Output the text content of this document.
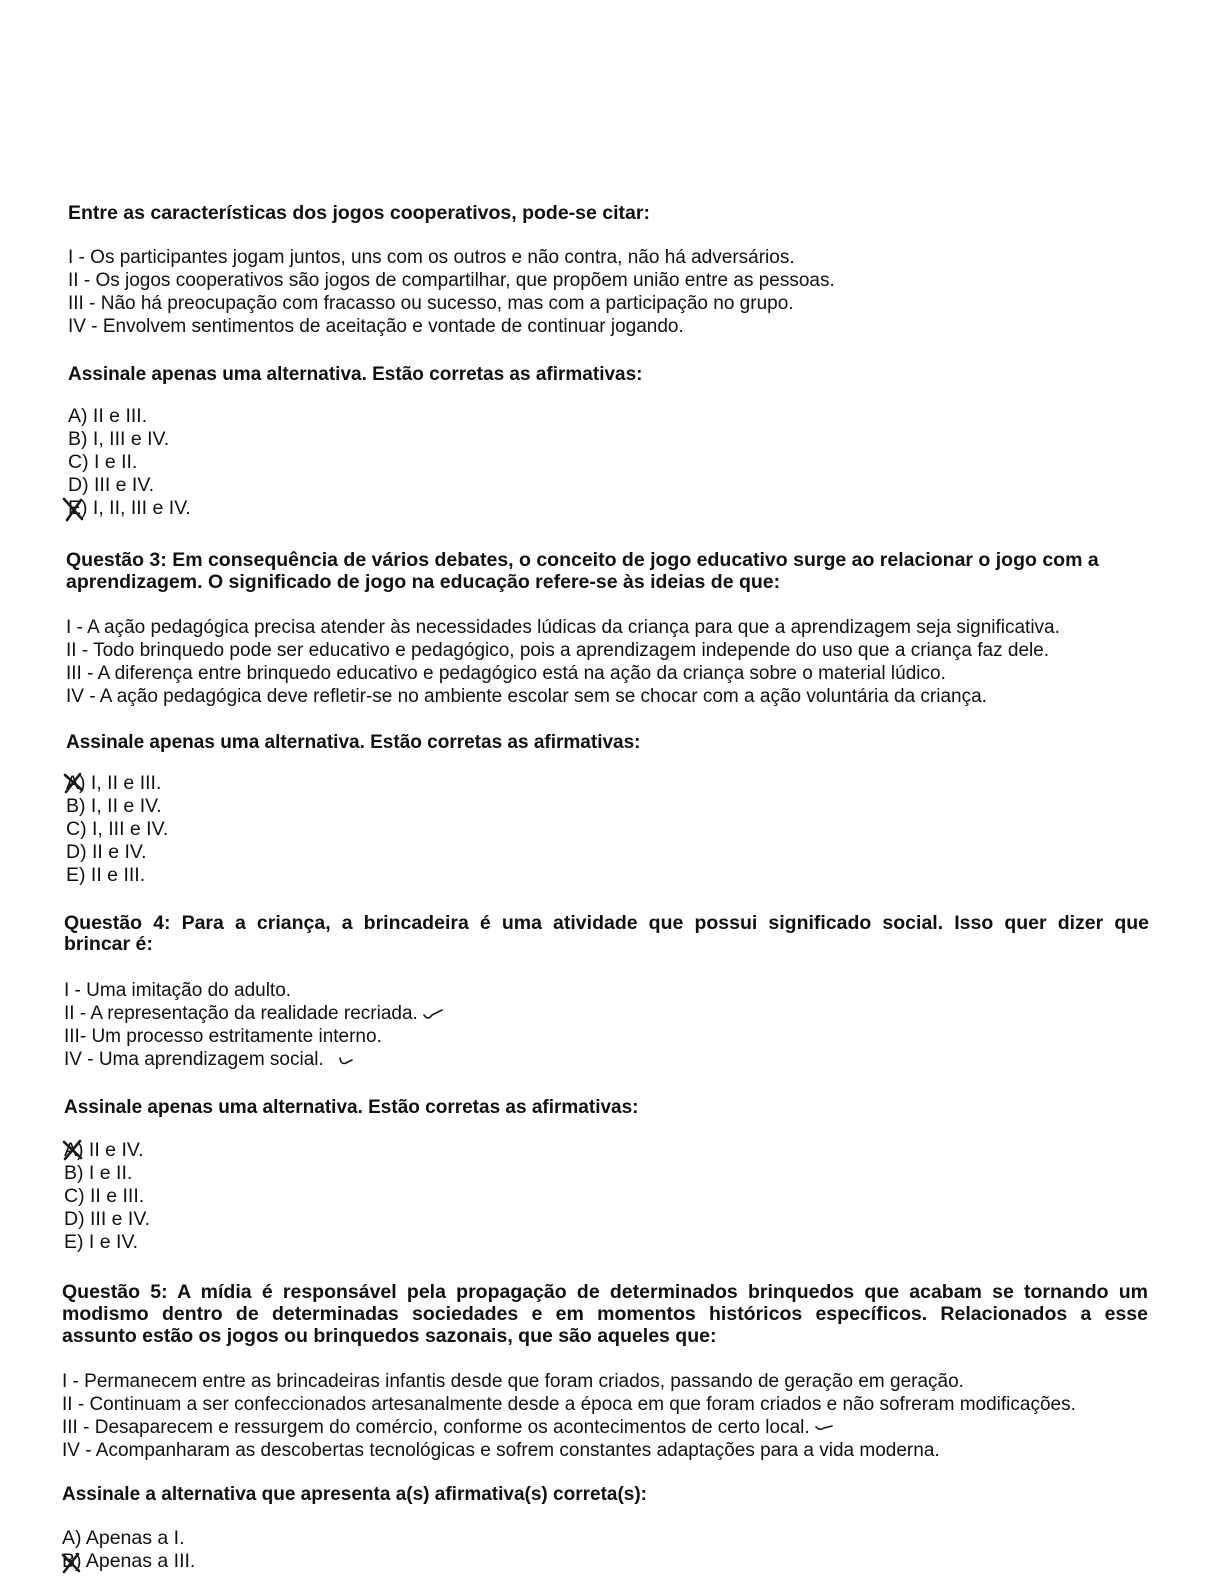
Entre as características dos jogos cooperativos, pode-se citar:
I - Os participantes jogam juntos, uns com os outros e não contra, não há adversários.
II - Os jogos cooperativos são jogos de compartilhar, que propõem união entre as pessoas.
III - Não há preocupação com fracasso ou sucesso, mas com a participação no grupo.
IV - Envolvem sentimentos de aceitação e vontade de continuar jogando.
Assinale apenas uma alternativa. Estão corretas as afirmativas:
A) II e III.
B) I, III e IV.
C) I e II.
D) III e IV.
E) I, II, III e IV.
Questão 3: Em consequência de vários debates, o conceito de jogo educativo surge ao relacionar o jogo com a
aprendizagem. O significado de jogo na educação refere-se às ideias de que:
I - A ação pedagógica precisa atender às necessidades lúdicas da criança para que a aprendizagem seja significativa.
II - Todo brinquedo pode ser educativo e pedagógico, pois a aprendizagem independe do uso que a criança faz dele.
III - A diferença entre brinquedo educativo e pedagógico está na ação da criança sobre o material lúdico.
IV - A ação pedagógica deve refletir-se no ambiente escolar sem se chocar com a ação voluntária da criança.
Assinale apenas uma alternativa. Estão corretas as afirmativas:
A) I, II e III.
B) I, II e IV.
C) I, III e IV.
D) II e IV.
E) II e III.
Questão 4: Para a criança, a brincadeira é uma atividade que possui significado social. Isso quer dizer que
brincar é:
I - Uma imitação do adulto.
II - A representação da realidade recriada.
III- Um processo estritamente interno.
IV - Uma aprendizagem social.
Assinale apenas uma alternativa. Estão corretas as afirmativas:
A) II e IV.
B) I e II.
C) II e III.
D) III e IV.
E) I e IV.
Questão 5: A mídia é responsável pela propagação de determinados brinquedos que acabam se tornando um
modismo dentro de determinadas sociedades e em momentos históricos específicos. Relacionados a esse
assunto estão os jogos ou brinquedos sazonais, que são aqueles que:
I - Permanecem entre as brincadeiras infantis desde que foram criados, passando de geração em geração.
II - Continuam a ser confeccionados artesanalmente desde a época em que foram criados e não sofreram modificações.
III - Desaparecem e ressurgem do comércio, conforme os acontecimentos de certo local.
IV - Acompanharam as descobertas tecnológicas e sofrem constantes adaptações para a vida moderna.
Assinale a alternativa que apresenta a(s) afirmativa(s) correta(s):
A) Apenas a I.
B) Apenas a III.
